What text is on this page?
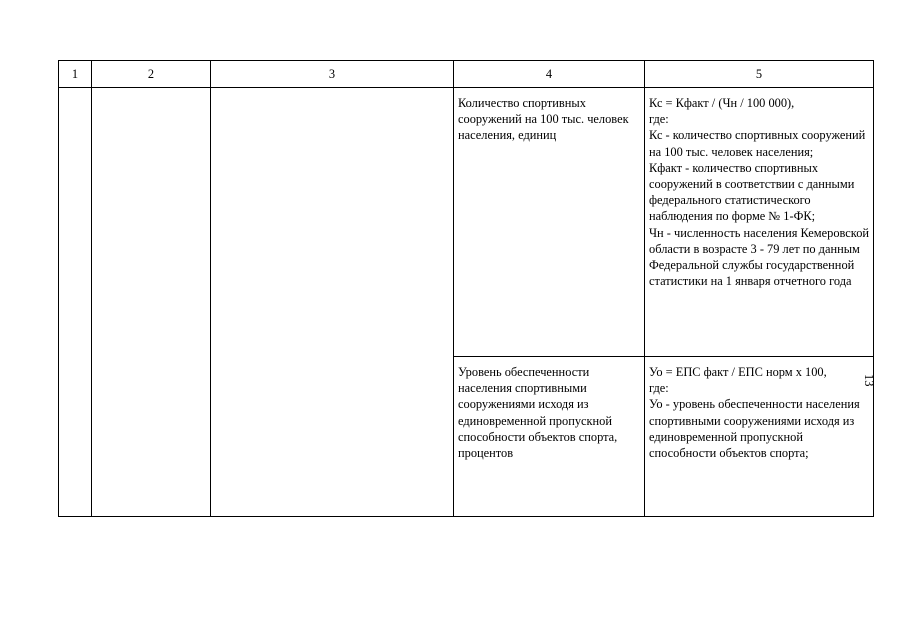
1	2	3	4	5

			Количество спортивных сооружений на 100 тыс. человек населения, единиц	Кс = Кфакт / (Чн / 100 000),
где:
Кс - количество спортивных сооружений на 100 тыс. человек населения;
Кфакт - количество спортивных сооружений в соответствии с данными федерального статистического наблюдения по форме № 1-ФК;
Чн - численность населения Кемеровской области в возрасте 3 - 79 лет по данным Федеральной службы государственной статистики на 1 января отчетного года

			Уровень обеспеченности населения спортивными сооружениями исходя из единовременной пропускной способности объектов спорта, процентов	Уо = ЕПС факт / ЕПС норм х 100,
где:
Уо - уровень обеспеченности населения спортивными сооружениями исходя из единовременной пропускной способности объектов спорта;
13
